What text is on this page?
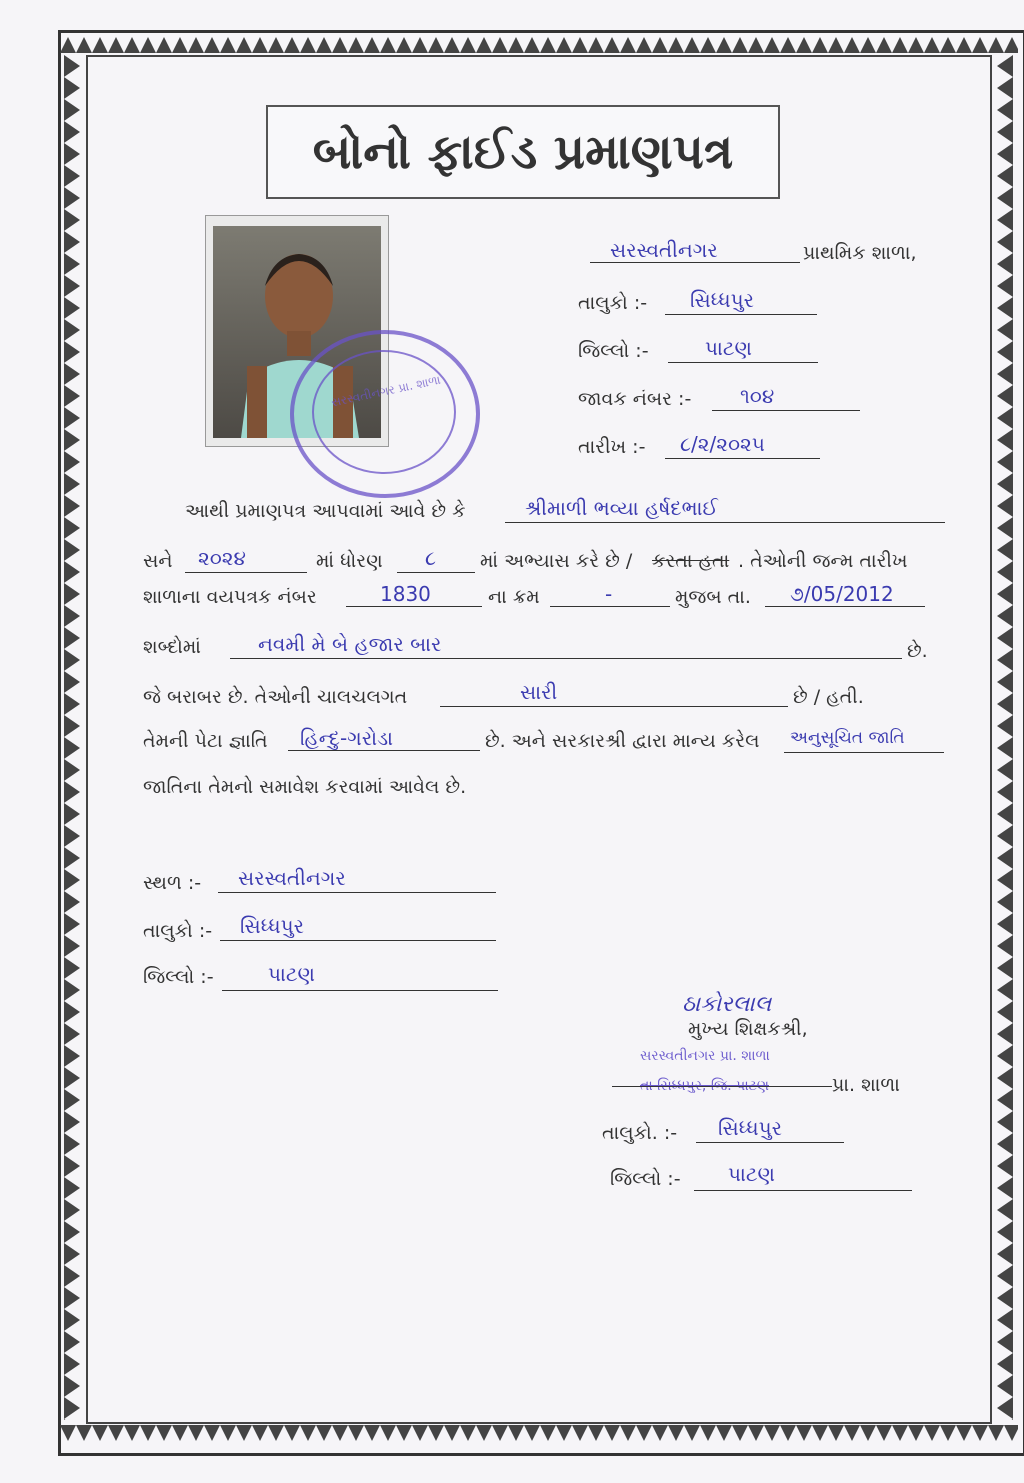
બોનો ફાઈડ પ્રમાણપત્ર
સરસ્વતીનગર પ્રા. શાળા
સરસ્વતીનગર	પ્રાથમિક શાળા,
તાલુકો :- સિધ્ધપુર
જિલ્લો :-	પાટણ
જાવક નંબર :- ૧૦૪
તારીખ :- ૮/૨/૨૦૨૫
આથી પ્રમાણપત્ર આપવામાં આવે છે કે	શ્રીમાળી ભવ્યા હર્ષદભાઈ
સને ૨૦૨૪	માં ધોરણ ૮ માં અભ્યાસ કરે છે / કરતા હતા . તેઓની જન્મ તારીખ
શાળાના વયપત્રક નંબર	1830	ના ક્રમ	-	મુજબ તા. ૭/05/2012
શબ્દોમાં	નવમી મે બે હજાર બાર	છે.
જે બરાબર છે. તેઓની ચાલચલગત	સારી	છે / હતી.
તેમની પેટા જ્ઞાતિ હિન્દુ-ગરોડા	છે. અને સરકારશ્રી દ્વારા માન્ય કરેલ અનુસૂચિત જાતિ
જાતિના તેમનો સમાવેશ કરવામાં આવેલ છે.
સ્થળ :- સરસ્વતીનગર
તાલુકો :- સિધ્ધપુર
જિલ્લો :-	પાટણ
ઠાકોરલાલ
મુખ્ય શિક્ષકશ્રી,
સરસ્વતીનગર પ્રા. શાળા
તા સિધ્ધપુર, જિ. પાટણ	પ્રા. શાળા
તાલુકો. :- સિધ્ધપુર
જિલ્લો :- પાટણ
